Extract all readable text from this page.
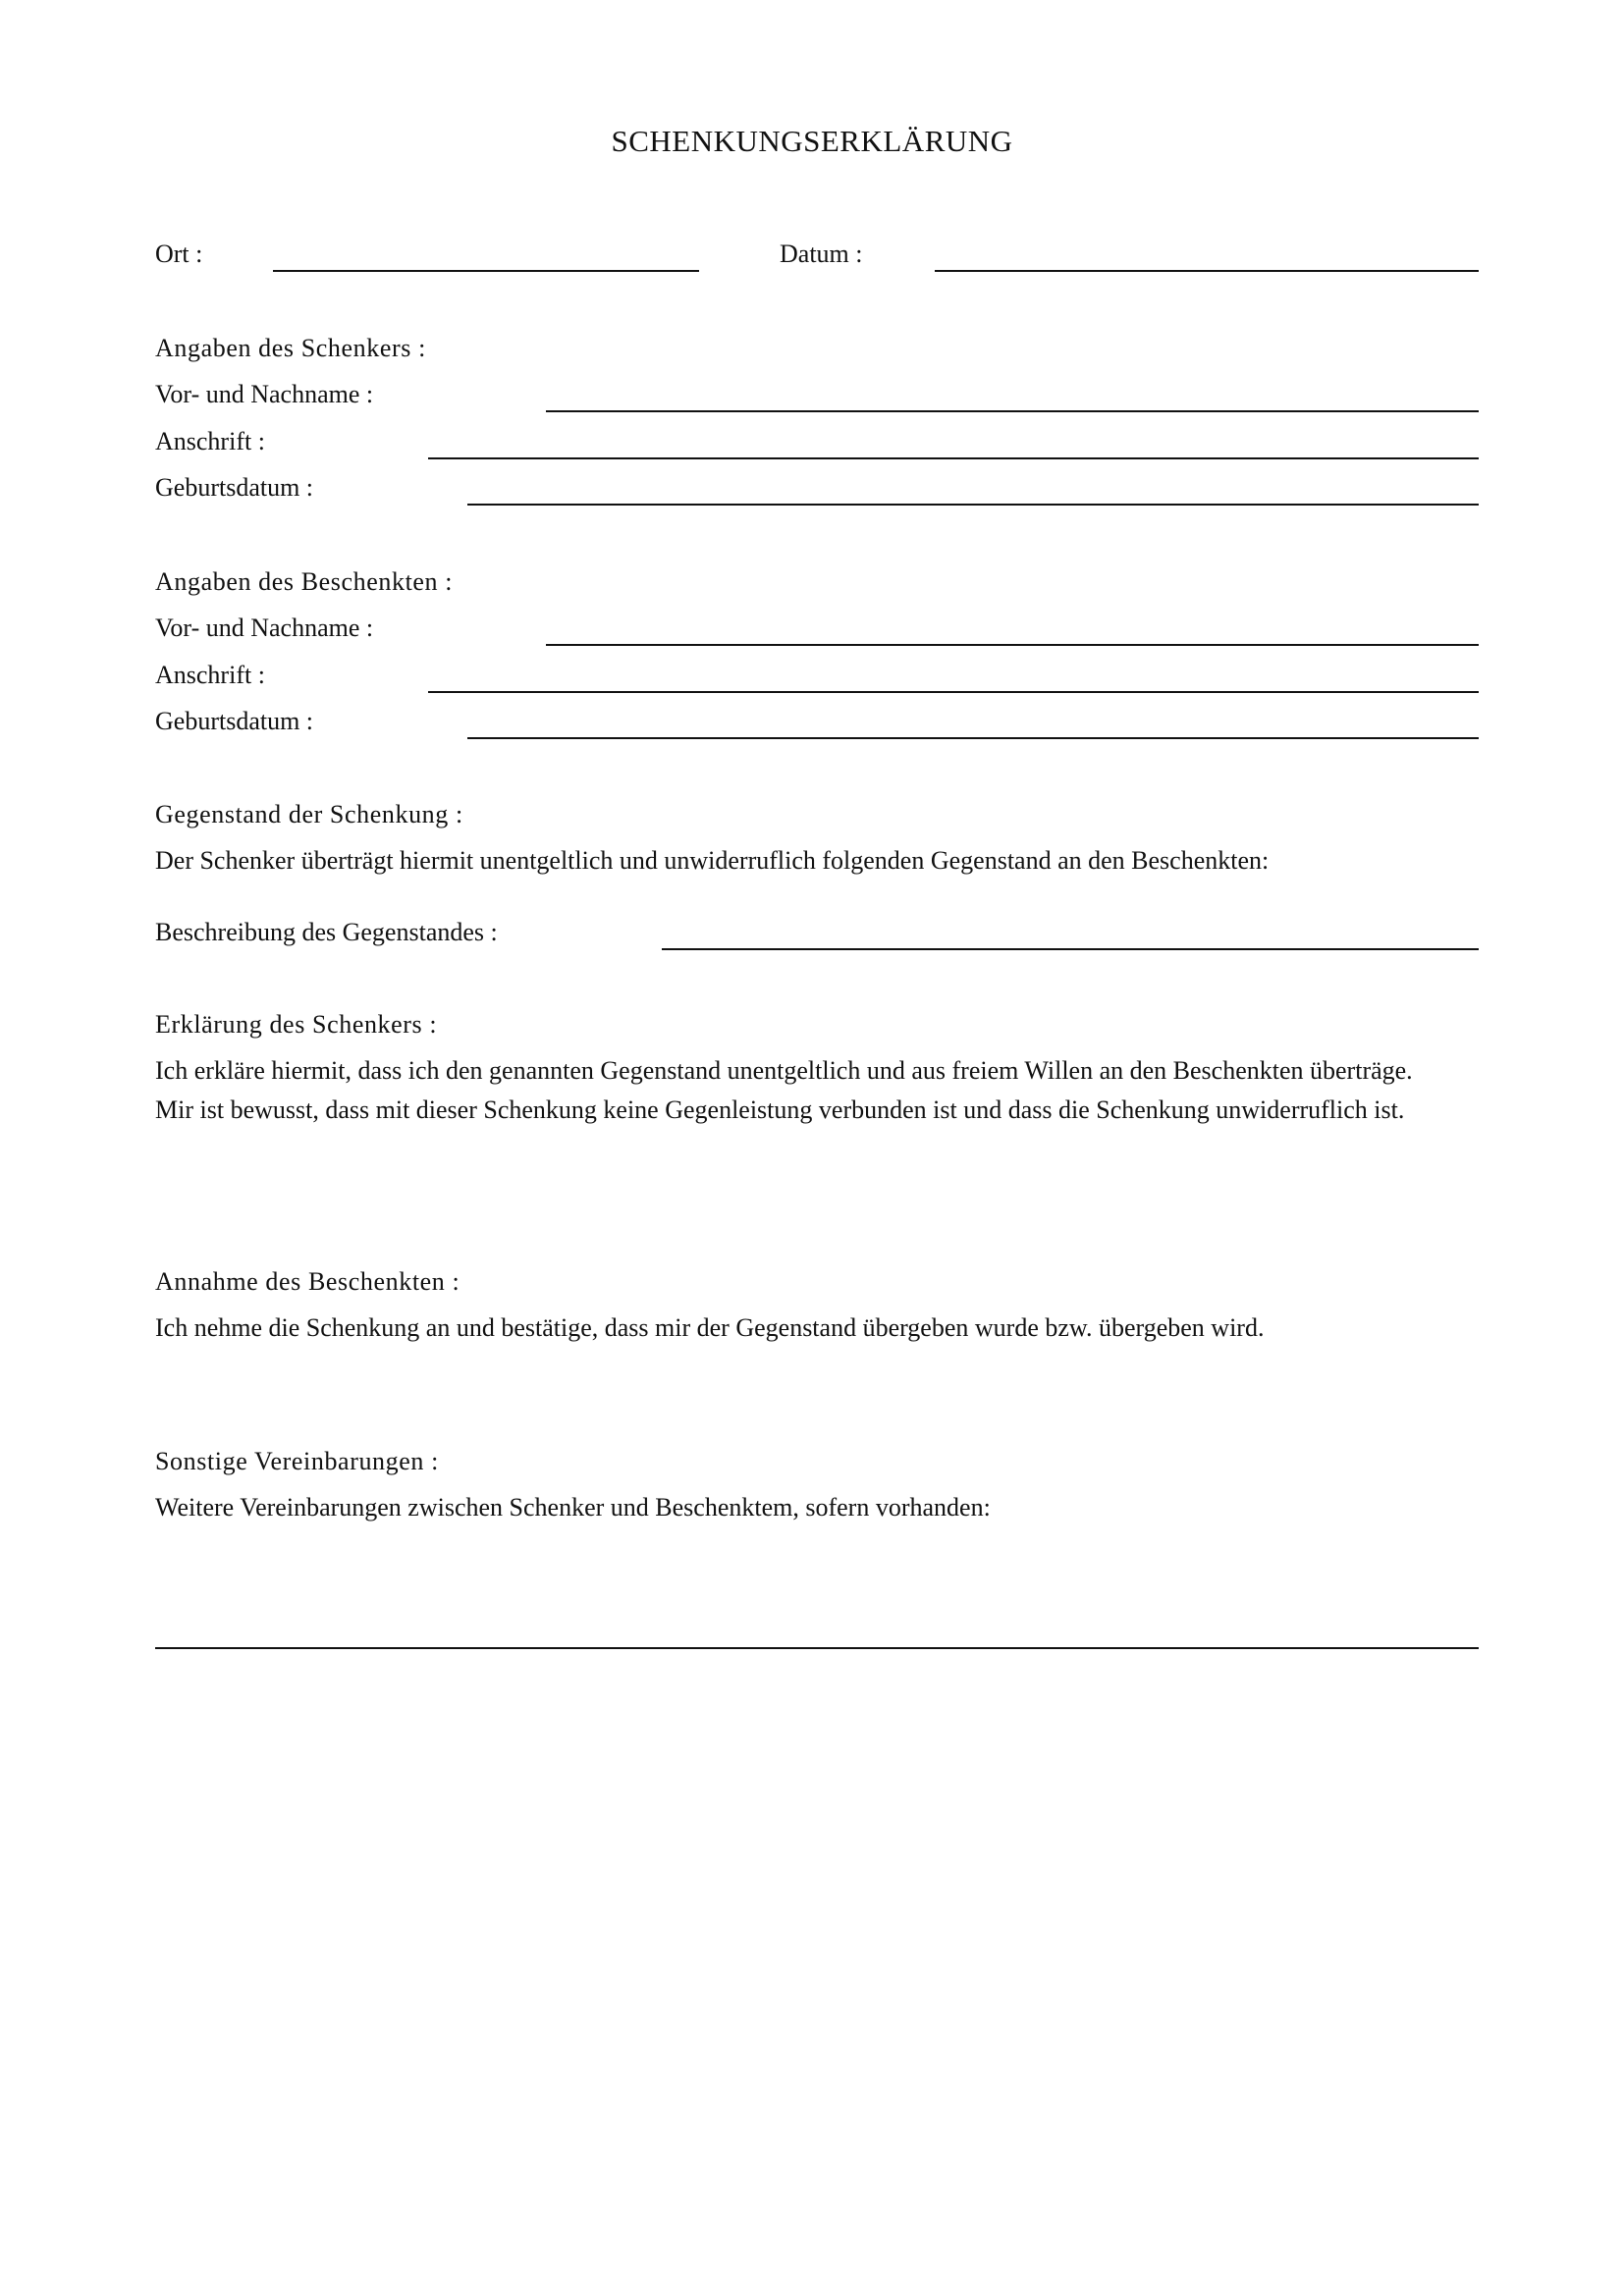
SCHENKUNGSERKLÄRUNG
Ort :	Datum :
Angaben des Schenkers :
Vor- und Nachname :
Anschrift :
Geburtsdatum :
Angaben des Beschenkten :
Vor- und Nachname :
Anschrift :
Geburtsdatum :
Gegenstand der Schenkung :
Der Schenker überträgt hiermit unentgeltlich und unwiderruflich folgenden Gegenstand an den Beschenkten:
Beschreibung des Gegenstandes :
Erklärung des Schenkers :
Ich erkläre hiermit, dass ich den genannten Gegenstand unentgeltlich und aus freiem Willen an den Beschenkten überträge. Mir ist bewusst, dass mit dieser Schenkung keine Gegenleistung verbunden ist und dass die Schenkung unwiderruflich ist.
Annahme des Beschenkten :
Ich nehme die Schenkung an und bestätige, dass mir der Gegenstand übergeben wurde bzw. übergeben wird.
Sonstige Vereinbarungen :
Weitere Vereinbarungen zwischen Schenker und Beschenktem, sofern vorhanden:
